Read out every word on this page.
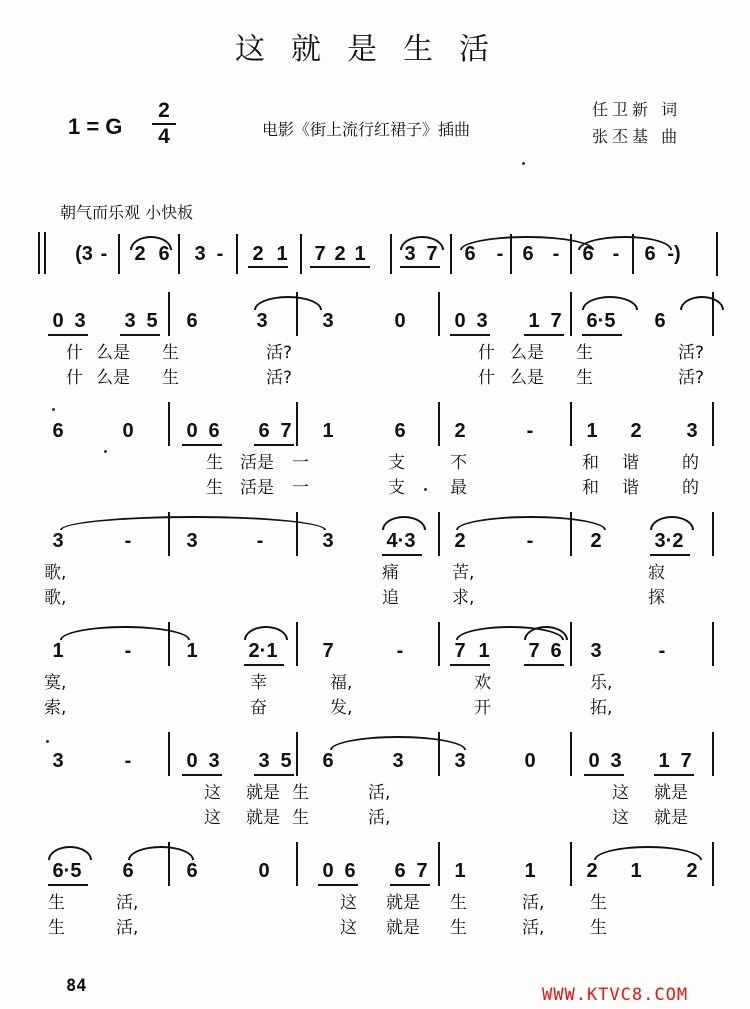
这就是生活
1 = G
2
4	电影《街上流行红裙子》插曲
任卫新 词
张丕基 曲
朝气而乐观 小快板
(3 -	2 6 3 -	2 1 7 2 1 3 7 6	- 6 -	6 -	6 -)
0 3 3 5 6	3	3	0 0 3 1 7 6·5 6
什 么是 生	活?	什 么是 生	活?
什 么是 生	活?	什 么是 生	活?
6	0	0 6 6 7 1	6 2	-	1 2 3
生 活是 一	支	不	和 谐	的
生 活是 一	支	最	和 谐	的
3	-	3	-	3	4·3 2	-	2	3·2
歌,	痛	苦,	寂
歌,	追	求,	探
1	-	1	2·1 7	-	7 1 7 6 3	-
寞,	幸	福,	欢	乐,
索,	奋	发,	开	拓,
3	-	0 3 3 5 6	3	3	0	0 3 1 7
这 就是 生	活,	这 就是
这 就是 生	活,	这 就是
6·5 6	6	0	0 6 6 7 1	1	2 1 2
生	活,	这 就是 生	活,	生
生	活,	这 就是 生	活,	生
84	WWW.KTVC8.COM
